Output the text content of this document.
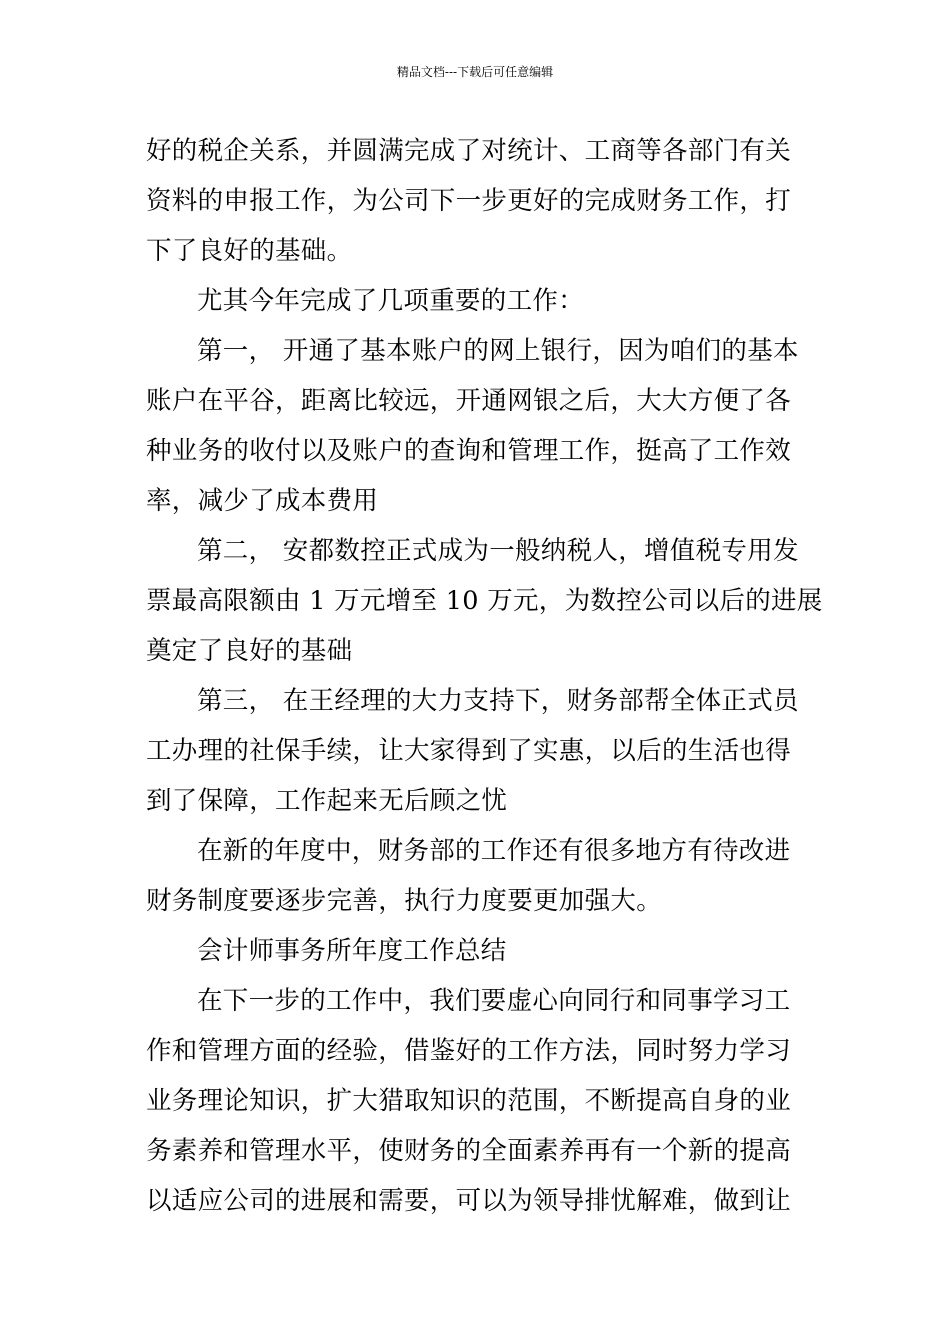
精品文档---下载后可任意编辑
好的税企关系，并圆满完成了对统计、工商等各部门有关
资料的申报工作，为公司下一步更好的完成财务工作，打
下了良好的基础。
尤其今年完成了几项重要的工作：
第一， 开通了基本账户的网上银行，因为咱们的基本
账户在平谷，距离比较远，开通网银之后，大大方便了各
种业务的收付以及账户的查询和管理工作，挺高了工作效
率，减少了成本费用
第二， 安都数控正式成为一般纳税人，增值税专用发
票最高限额由 1 万元增至 10 万元，为数控公司以后的进展
奠定了良好的基础
第三， 在王经理的大力支持下，财务部帮全体正式员
工办理的社保手续，让大家得到了实惠，以后的生活也得
到了保障，工作起来无后顾之忧
在新的年度中，财务部的工作还有很多地方有待改进
财务制度要逐步完善，执行力度要更加强大。
会计师事务所年度工作总结
在下一步的工作中，我们要虚心向同行和同事学习工
作和管理方面的经验，借鉴好的工作方法，同时努力学习
业务理论知识，扩大猎取知识的范围，不断提高自身的业
务素养和管理水平，使财务的全面素养再有一个新的提高
以适应公司的进展和需要，可以为领导排忧解难，做到让
